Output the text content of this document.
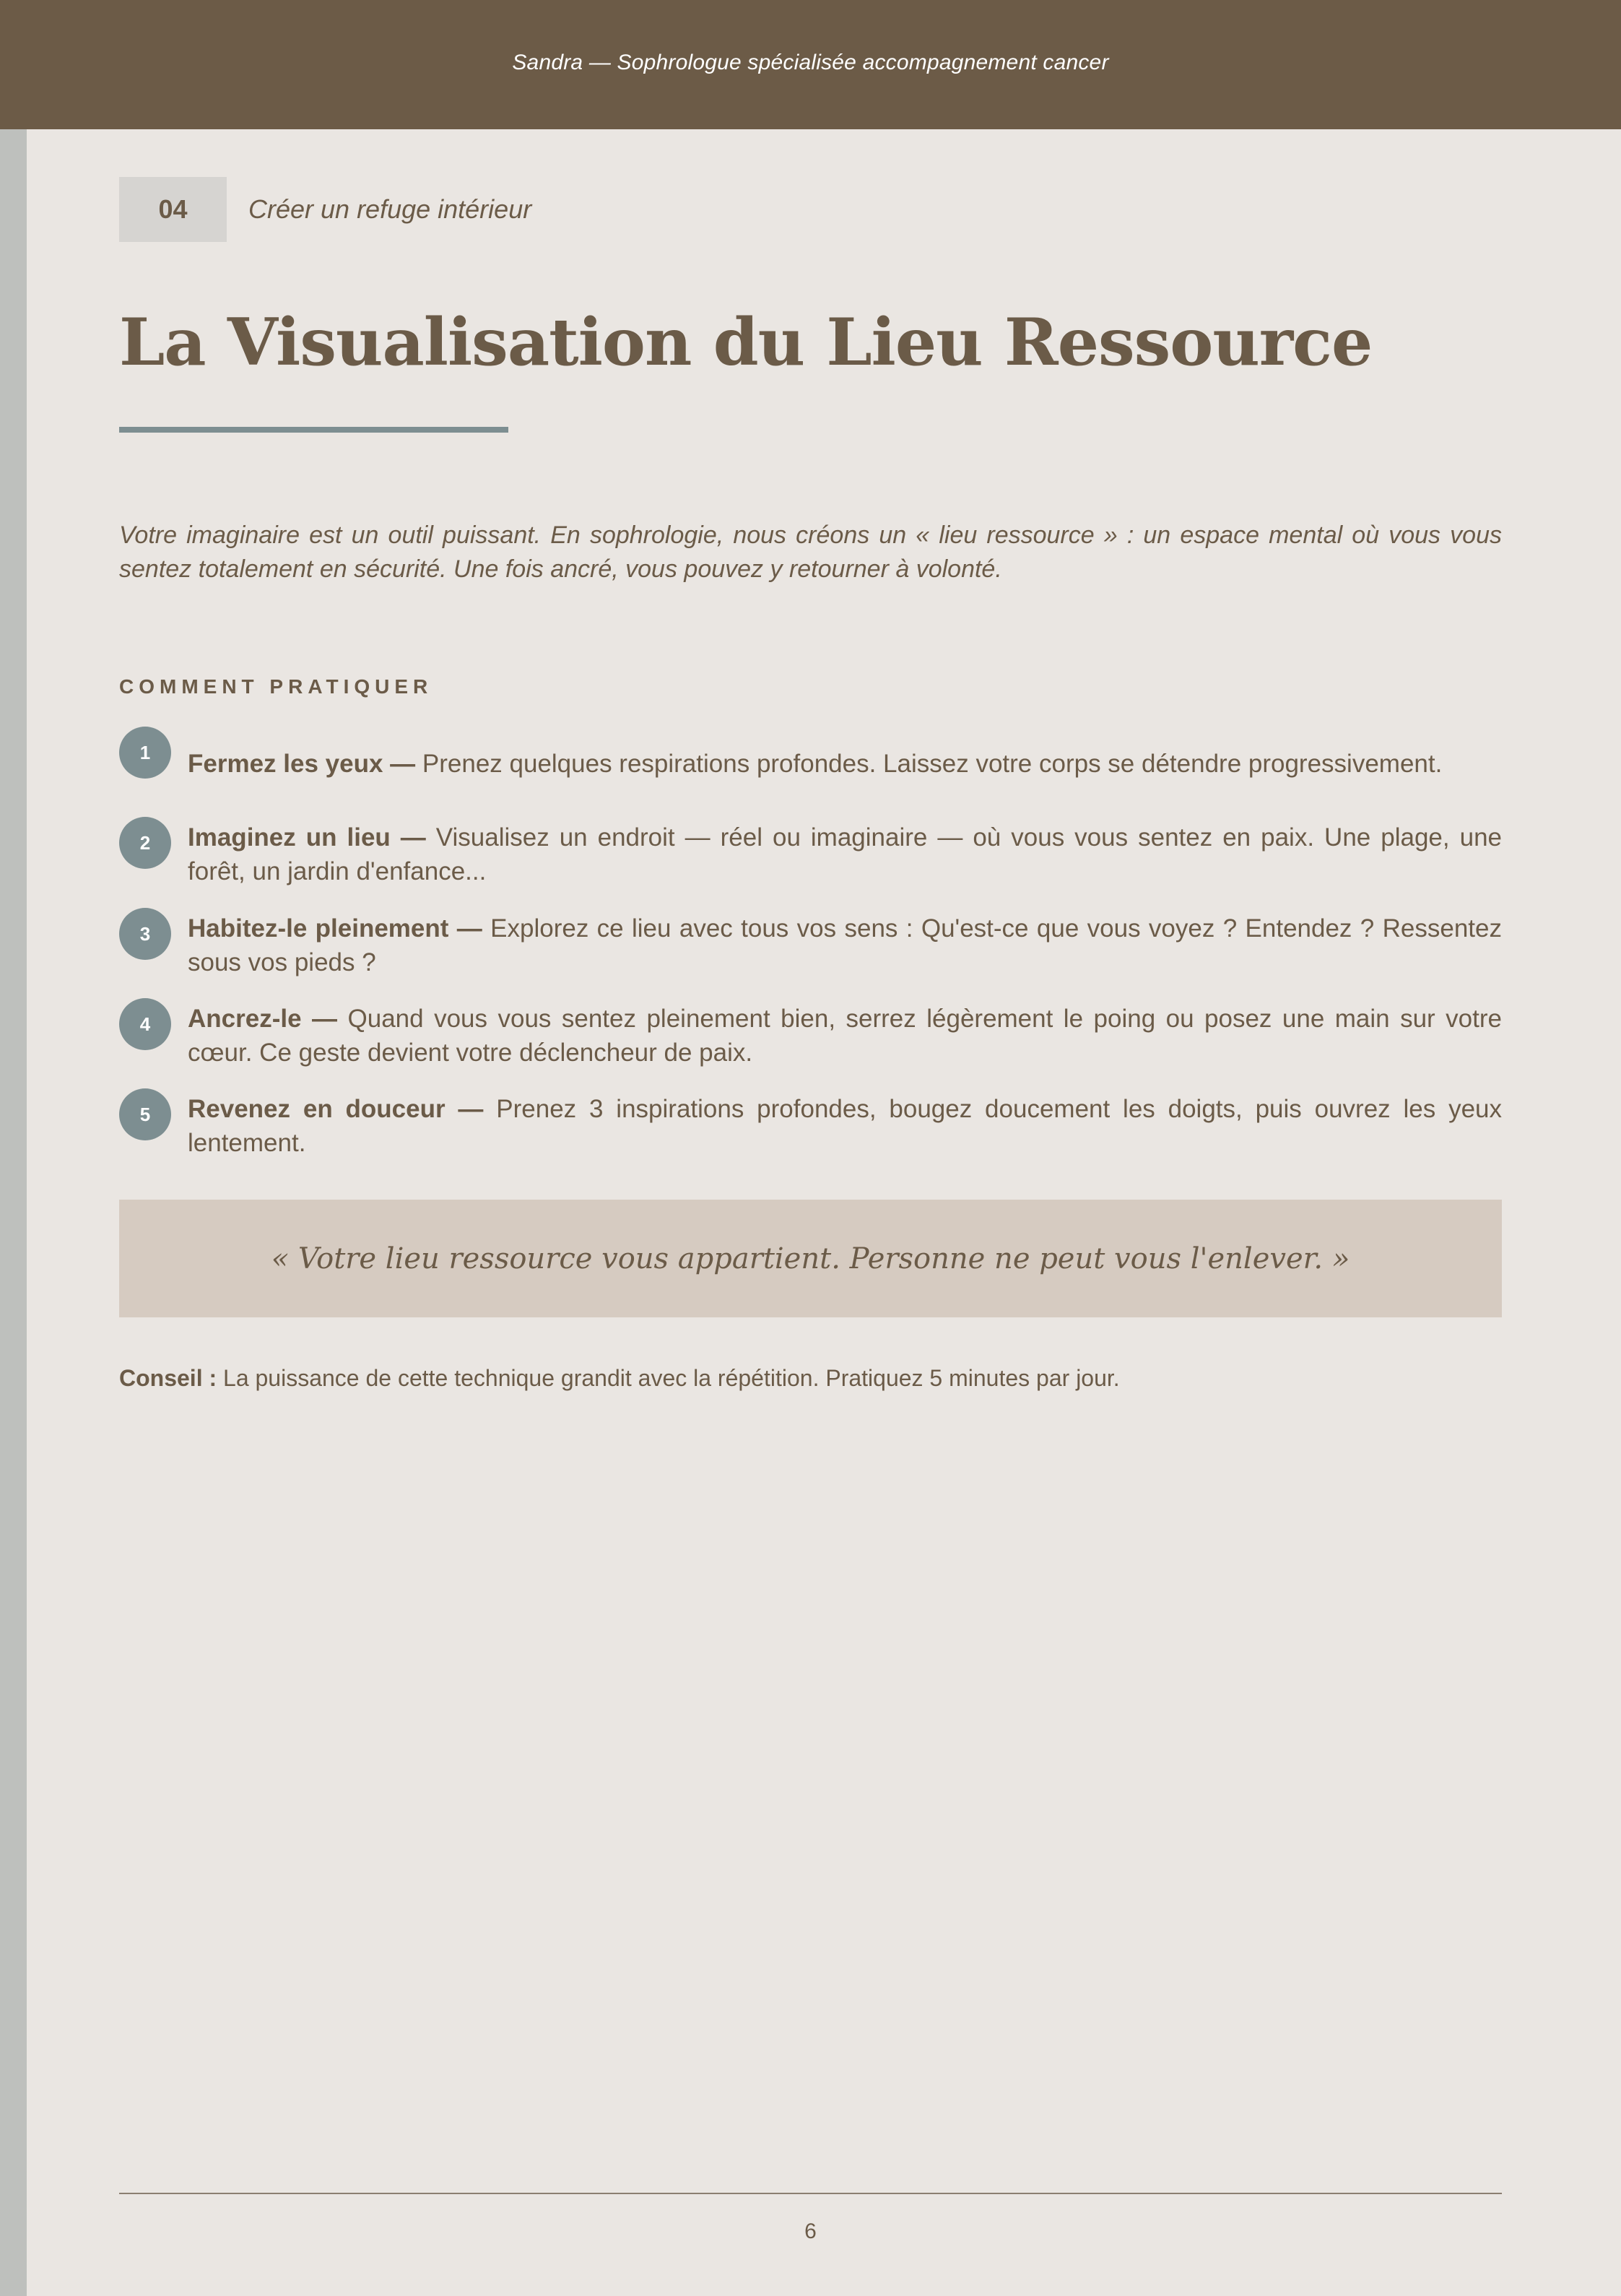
Sandra — Sophrologue spécialisée accompagnement cancer
04	Créer un refuge intérieur
La Visualisation du Lieu Ressource

Votre imaginaire est un outil puissant. En sophrologie, nous créons un « lieu ressource » : un espace mental où vous vous sentez totalement en sécurité. Une fois ancré, vous pouvez y retourner à volonté.

COMMENT PRATIQUER
1	Fermez les yeux — Prenez quelques respirations profondes. Laissez votre corps se détendre progressivement.

2	Imaginez un lieu — Visualisez un endroit — réel ou imaginaire — où vous vous sentez en paix. Une plage, une forêt, un jardin d'enfance...

3	Habitez-le pleinement — Explorez ce lieu avec tous vos sens : Qu'est-ce que vous voyez ? Entendez ? Ressentez sous vos pieds ?

4	Ancrez-le — Quand vous vous sentez pleinement bien, serrez légèrement le poing ou posez une main sur votre cœur. Ce geste devient votre déclencheur de paix.

5	Revenez en douceur — Prenez 3 inspirations profondes, bougez doucement les doigts, puis ouvrez les yeux lentement.

« Votre lieu ressource vous appartient. Personne ne peut vous l'enlever. »
Conseil : La puissance de cette technique grandit avec la répétition. Pratiquez 5 minutes par jour.
6
